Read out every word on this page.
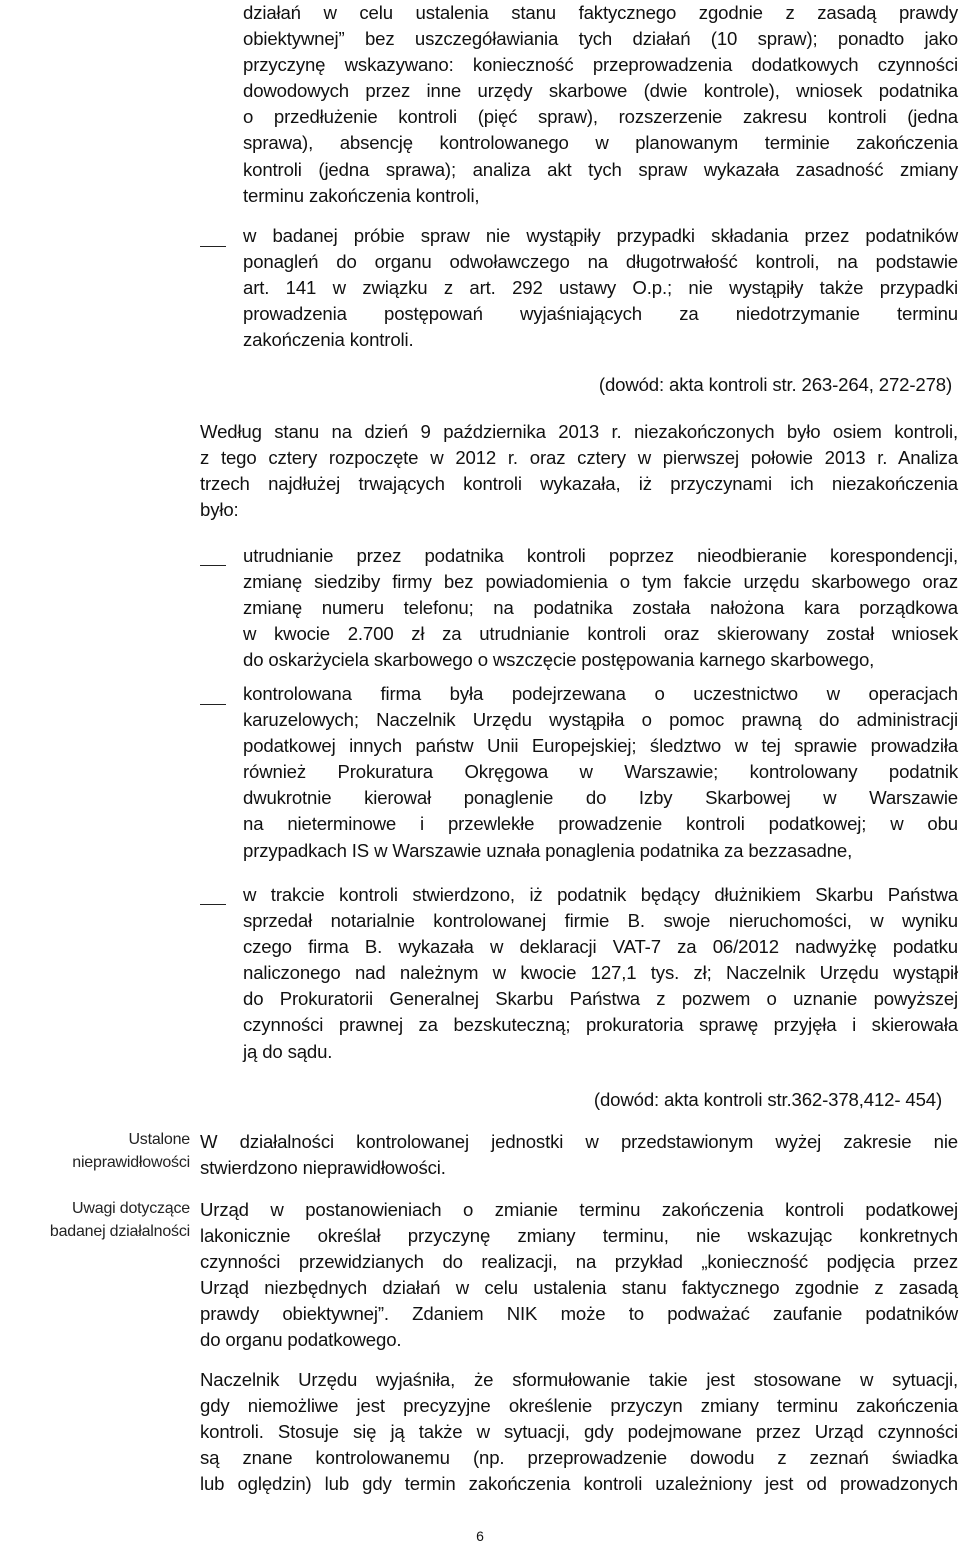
działań w celu ustalenia stanu faktycznego zgodnie z zasadą prawdy
obiektywnej” bez uszczegóławiania tych działań (10 spraw); ponadto jako
przyczynę wskazywano: konieczność przeprowadzenia dodatkowych czynności
dowodowych przez inne urzędy skarbowe (dwie kontrole), wniosek podatnika
o przedłużenie kontroli (pięć spraw), rozszerzenie zakresu kontroli (jedna
sprawa), absencję kontrolowanego w planowanym terminie zakończenia
kontroli (jedna sprawa); analiza akt tych spraw wykazała zasadność zmiany
terminu zakończenia kontroli,
w badanej próbie spraw nie wystąpiły przypadki składania przez podatników
ponagleń do organu odwoławczego na długotrwałość kontroli, na podstawie
art. 141 w związku z art. 292 ustawy O.p.; nie wystąpiły także przypadki
prowadzenia postępowań wyjaśniających za niedotrzymanie terminu
zakończenia kontroli.
(dowód: akta kontroli str. 263-264, 272-278)
Według stanu na dzień 9 października 2013 r. niezakończonych było osiem kontroli,
z tego cztery rozpoczęte w 2012 r. oraz cztery w pierwszej połowie 2013 r. Analiza
trzech najdłużej trwających kontroli wykazała, iż przyczynami ich niezakończenia
było:
utrudnianie przez podatnika kontroli poprzez nieodbieranie korespondencji,
zmianę siedziby firmy bez powiadomienia o tym fakcie urzędu skarbowego oraz
zmianę numeru telefonu; na podatnika została nałożona kara porządkowa
w kwocie 2.700 zł za utrudnianie kontroli oraz skierowany został wniosek
do oskarżyciela skarbowego o wszczęcie postępowania karnego skarbowego,
kontrolowana firma była podejrzewana o uczestnictwo w operacjach
karuzelowych; Naczelnik Urzędu wystąpiła o pomoc prawną do administracji
podatkowej innych państw Unii Europejskiej; śledztwo w tej sprawie prowadziła
również Prokuratura Okręgowa w Warszawie; kontrolowany podatnik
dwukrotnie kierował ponaglenie do Izby Skarbowej w Warszawie
na nieterminowe i przewlekłe prowadzenie kontroli podatkowej; w obu
przypadkach IS w Warszawie uznała ponaglenia podatnika za bezzasadne,
w trakcie kontroli stwierdzono, iż podatnik będący dłużnikiem Skarbu Państwa
sprzedał notarialnie kontrolowanej firmie B. swoje nieruchomości, w wyniku
czego firma B. wykazała w deklaracji VAT-7 za 06/2012 nadwyżkę podatku
naliczonego nad należnym w kwocie 127,1 tys. zł; Naczelnik Urzędu wystąpił
do Prokuratorii Generalnej Skarbu Państwa z pozwem o uznanie powyższej
czynności prawnej za bezskuteczną; prokuratoria sprawę przyjęła i skierowała
ją do sądu.
(dowód: akta kontroli str.362-378,412- 454)
Ustalone
nieprawidłowości
Uwagi dotyczące
badanej działalności
W działalności kontrolowanej jednostki w przedstawionym wyżej zakresie nie
stwierdzono nieprawidłowości.
Urząd w postanowieniach o zmianie terminu zakończenia kontroli podatkowej
lakonicznie określał przyczynę zmiany terminu, nie wskazując konkretnych
czynności przewidzianych do realizacji, na przykład „konieczność podjęcia przez
Urząd niezbędnych działań w celu ustalenia stanu faktycznego zgodnie z zasadą
prawdy obiektywnej”. Zdaniem NIK może to podważać zaufanie podatników
do organu podatkowego.
Naczelnik Urzędu wyjaśniła, że sformułowanie takie jest stosowane w sytuacji,
gdy niemożliwe jest precyzyjne określenie przyczyn zmiany terminu zakończenia
kontroli. Stosuje się ją także w sytuacji, gdy podejmowane przez Urząd czynności
są znane kontrolowanemu (np. przeprowadzenie dowodu z zeznań świadka
lub oględzin) lub gdy termin zakończenia kontroli uzależniony jest od prowadzonych
6
